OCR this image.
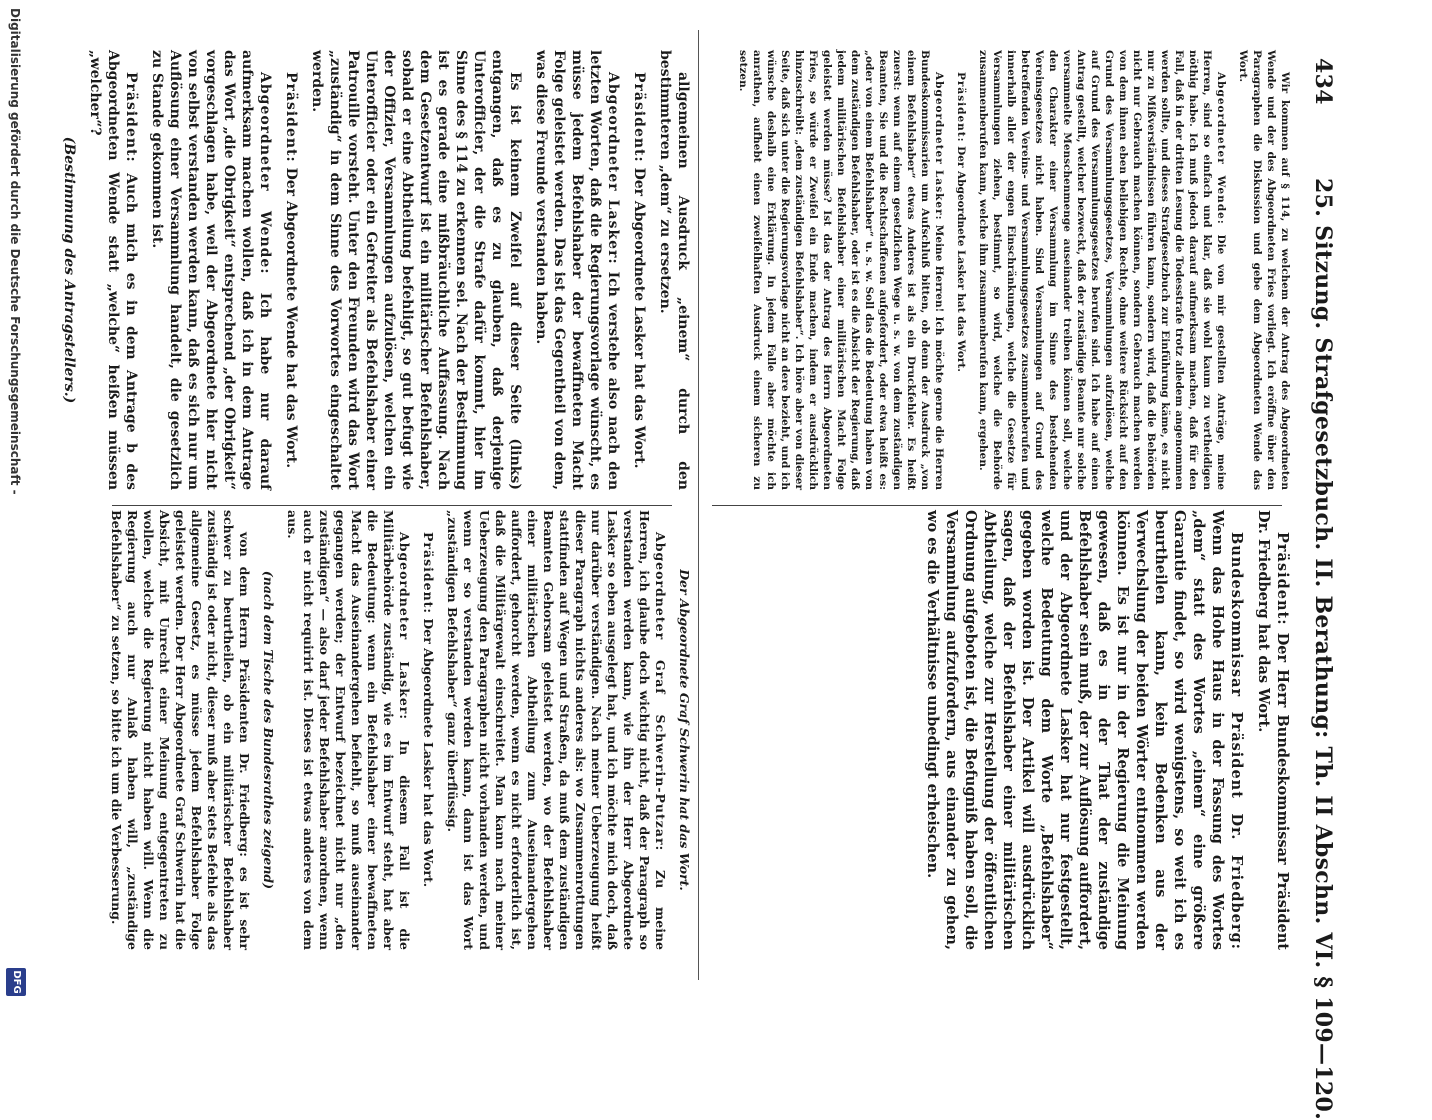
434
25. Sitzung. Strafgesetzbuch. II. Berathung: Th. II Abschn. VI. § 109—120.

Wir kommen auf § 114, zu welchem der Antrag des Abgeordneten Wende und der des Abgeordneten Fries vorliegt. Ich eröffne über den Paragraphen die Diskussion und gebe dem Abgeordneten Wende das Wort.

Abgeordneter Wende: Die von mir gestellten Anträge, meine Herren, sind so einfach und klar, daß sie wohl kaum zu vertheidigen nöthig habe. Ich muß jedoch darauf aufmerksam machen, daß für den Fall, daß in der dritten Lesung die Todesstrafe trotz alledem angenommen werden sollte, und dieses Strafgesetzbuch zur Einführung käme, es nicht nur zu Mißverständnissen führen kann, sondern wird, daß die Behörden nicht nur Gebrauch machen können, sondern Gebrauch machen werden von dem ihnen eben beliebigen Rechte, ohne weitere Rücksicht auf den Grund des Versammlungsgesetzes, Versammlungen aufzulösen, welche auf Grund des Versammlungsgesetzes berufen sind. Ich habe auf einen Antrag gestellt, welcher bezweckt, daß der zuständige Beamte nur solche versammelte Menschenmenge auseinander treiben können soll, welche den Charakter einer Versammlung im Sinne des bestehenden Vereinsgesetzes nicht haben. Sind Versammlungen auf Grund des betreffenden Vereins- und Versammlungsgesetzes zusammenberufen und innerhalb aller der engen Einschränkungen, welche die Gesetze für Versammlungen ziehen, bestimmt, so wird, welche die Behörde zusammenberufen kann, welche ihm zusammenberufen kann, ergehen.

Präsident: Der Abgeordnete Lasker hat das Wort.

Abgeordneter Lasker: Meine Herren! Ich möchte gerne die Herren Bundeskommissarien um Aufschluß bitten, ob denn der Ausdruck „von einem Befehlshaber“ etwas Anderes ist als ein Druckfehler. Es heißt zuerst: wenn auf einem gesetzlichen Wege u. s. w. von dem zuständigen Beamten, Sie und die Rechtschaffenen aufgefordert, oder etwa heißt es: „oder von einem Befehlshaber“ u. s. w. Soll das die Bedeutung haben von dem zuständigen Befehlshaber, oder ist es die Absicht der Regierung, daß jedem militärischen Befehlshaber einer militärischen Macht Folge geleistet werden müsse? Ist das der Antrag des Herrn Abgeordneten Fries, so würde er Zweifel ein Ende machen, indem er ausdrücklich hinzuschreibt: „dem zuständigen Befehlshaber“. Ich höre aber von dieser Seite, daß sich unter die Regierungsvorlage nicht an dere bezieht, und ich wünsche deshalb eine Erklärung. In jedem Falle aber möchte ich anrathen, aufhebt einen zweifelhaften Ausdruck einem sicheren zu setzen.

Präsident: Der Herr Bundeskommissar Präsident Dr. Friedberg hat das Wort.

Bundeskommissar Präsident Dr. Friedberg: Wenn das Hohe Haus in der Fassung des Wortes „dem“ statt des Wortes „einem“ eine größere Garantie findet, so wird wenigstens, so weit ich es beurtheilen kann, kein Bedenken aus der Verwechslung der beiden Wörter entnommen werden können. Es ist nur in der Regierung die Meinung gewesen, daß es in der That der zuständige Befehlshaber sein muß, der zur Auflösung auffordert, und der Abgeordnete Lasker hat nur festgestellt, welche Bedeutung dem Worte „Befehlshaber“ gegeben worden ist. Der Artikel will ausdrücklich sagen, daß der Befehlshaber einer militärischen Abtheilung, welche zur Herstellung der öffentlichen Ordnung aufgeboten ist, die Befugniß haben soll, die Versammlung aufzufordern, aus einander zu gehen, wo es die Verhältnisse unbedingt erheischen.

allgemeinen Ausdruck „einem“ durch den bestimmteren „dem“ zu ersetzen.

Präsident: Der Abgeordnete Lasker hat das Wort.

Abgeordneter Lasker: Ich verstehe also nach den letzten Worten, daß die Regierungsvorlage wünscht, es müsse jedem Befehlshaber der bewaffneten Macht Folge geleistet werden. Das ist das Gegentheil von dem, was diese Freunde verstanden haben.

Es ist keinem Zweifel auf dieser Seite (links) entgangen, daß es zu glauben, daß derjenige Unterofficier, der die Strafe dafür kommt, hier im Sinne des § 114 zu erkennen sei. Nach der Bestimmung ist es gerade eine mißbräuchliche Auffassung. Nach dem Gesetzentwurf ist ein militärischer Befehlshaber, sobald er eine Abtheilung befehligt, so gut befugt wie der Offizier, Versammlungen aufzulösen, welchen ein Unterofficier oder ein Gefreiter als Befehlshaber einer Patrouille vorsteht. Unter den Freunden wird das Wort „zuständig“ in dem Sinne des Vorwortes eingeschaltet werden.

Präsident: Der Abgeordnete Wende hat das Wort.

Abgeordneter Wende: Ich habe nur darauf aufmerksam machen wollen, daß ich in dem Antrage das Wort „die Obrigkeit“ entsprechend „der Obrigkeit“ vorgeschlagen habe, weil der Abgeordnete hier nicht von selbst verstanden werden kann, daß es sich nur um Auflösung einer Versammlung handelt, die gesetzlich zu Stande gekommen ist.

Präsident: Auch mich es in dem Antrage b des Abgeordneten Wende statt „welche“ heißen müssen „welcher“?

(Bestimmung des Antragstellers.)

Der Abgeordnete Graf Schwerin hat das Wort.

Abgeordneter Graf Schwerin-Putzar: Zu meine Herren, ich glaube doch wichtig nicht, daß der Paragraph so verstanden werden kann, wie ihn der Herr Abgeordnete Lasker so eben ausgelegt hat, und ich möchte mich doch, daß nur darüber verständigen. Nach meiner Ueberzeugung heißt dieser Paragraph nichts anderes als: wo Zusammenrottungen stattfinden auf Wegen und Straßen, da muß dem zuständigen Beamten Gehorsam geleistet werden, wo der Befehlshaber einer militärischen Abtheilung zum Auseinandergehen auffordert, gehorcht werden, wenn es nicht erforderlich ist, daß die Militärgewalt einschreitet. Man kann nach meiner Ueberzeugung den Paragraphen nicht vorhanden werden, und wenn er so verstanden werden kann, dann ist das Wort „zuständigen Befehlshaber“ ganz überflüssig.

Präsident: Der Abgeordnete Lasker hat das Wort.

Abgeordneter Lasker: In diesem Fall ist die Militärbehörde zuständig, wie es im Entwurf steht, hat aber die Bedeutung: wenn ein Befehlshaber einer bewaffneten Macht das Auseinandergehen befiehlt, so muß auseinander gegangen werden; der Entwurf bezeichnet nicht nur „den zuständigen“ — also darf jeder Befehlshaber anordnen, wenn auch er nicht requirirt ist. Dieses ist etwas anderes von dem aus.

(nach dem Tische des Bundesrathes zeigend)

von dem Herrn Präsidenten Dr. Friedberg: es ist sehr schwer zu beurtheilen, ob ein militärischer Befehlshaber zuständig ist oder nicht, dieser muß aber stets Befehle als das allgemeine Gesetz, es müsse jedem Befehlshaber Folge geleistet werden. Der Herr Abgeordnete Graf Schwerin hat die Absicht, mit Unrecht einer Meinung entgegentreten zu wollen, welche die Regierung nicht haben will. Wenn die Regierung auch nur Anlaß haben will, „zuständige Befehlshaber“ zu setzen, so bitte ich um die Verbesserung.

Digitalisierung gefördert durch die Deutsche Forschungsgemeinschaft -
DFG
